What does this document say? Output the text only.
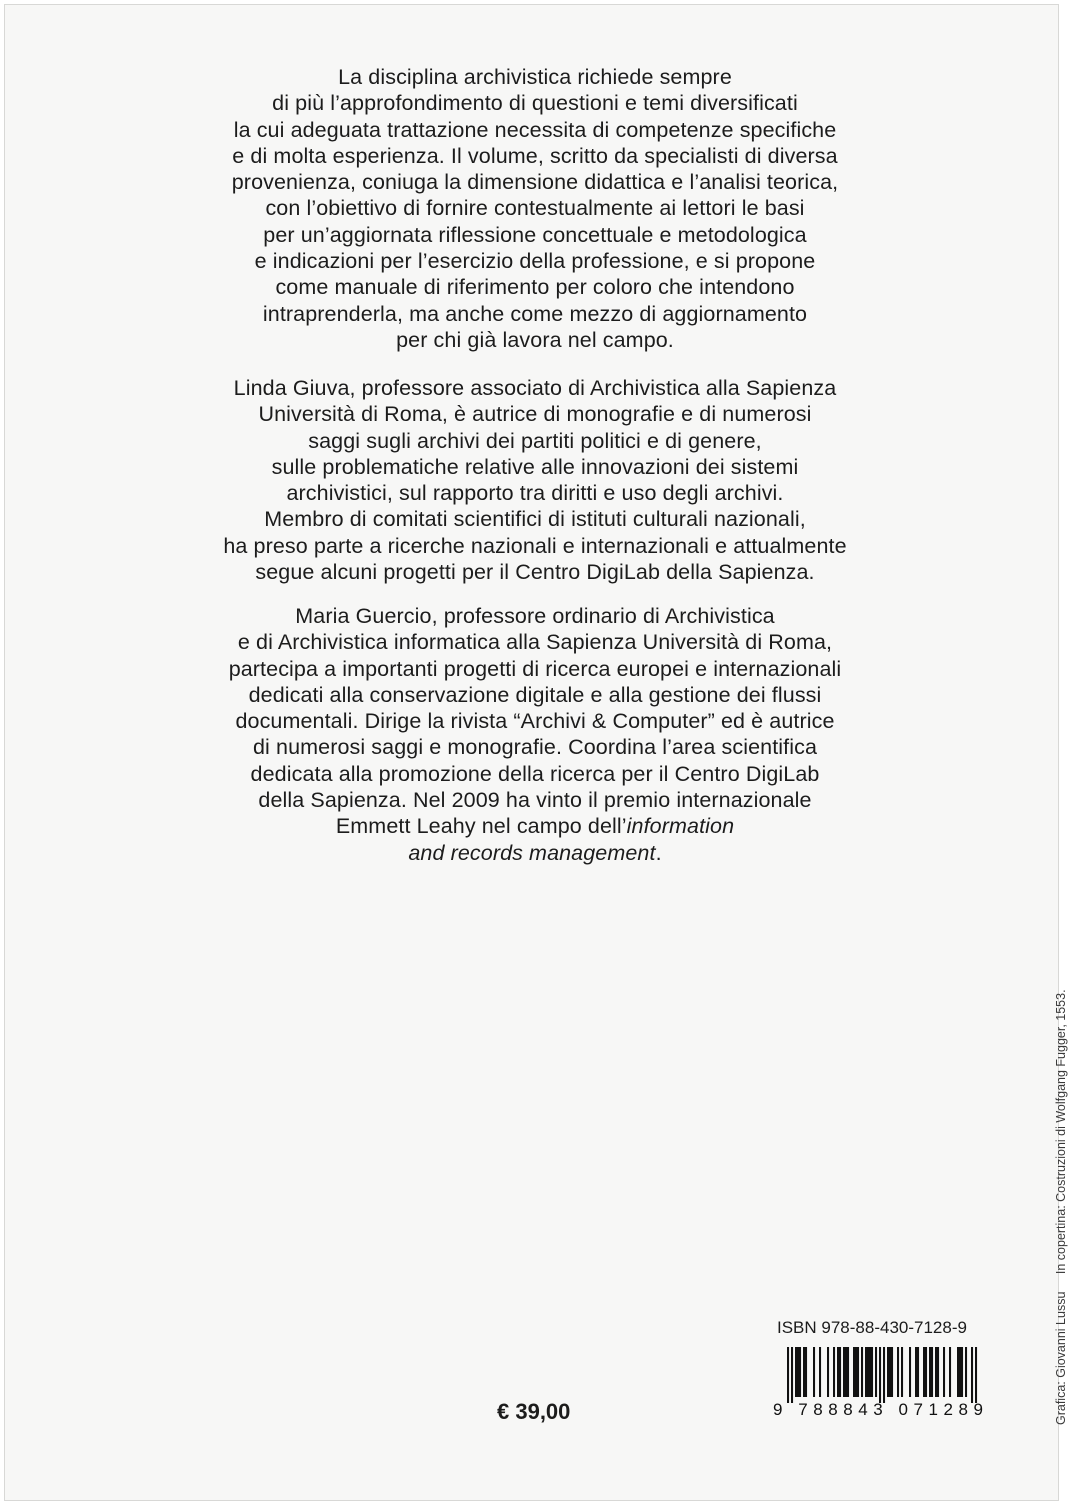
La disciplina archivistica richiede sempre
di più l’approfondimento di questioni e temi diversificati
la cui adeguata trattazione necessita di competenze specifiche
e di molta esperienza. Il volume, scritto da specialisti di diversa
provenienza, coniuga la dimensione didattica e l’analisi teorica,
con l’obiettivo di fornire contestualmente ai lettori le basi
per un’aggiornata riflessione concettuale e metodologica
e indicazioni per l’esercizio della professione, e si propone
come manuale di riferimento per coloro che intendono
intraprenderla, ma anche come mezzo di aggiornamento
per chi già lavora nel campo.
Linda Giuva, professore associato di Archivistica alla Sapienza
Università di Roma, è autrice di monografie e di numerosi
saggi sugli archivi dei partiti politici e di genere,
sulle problematiche relative alle innovazioni dei sistemi
archivistici, sul rapporto tra diritti e uso degli archivi.
Membro di comitati scientifici di istituti culturali nazionali,
ha preso parte a ricerche nazionali e internazionali e attualmente
segue alcuni progetti per il Centro DigiLab della Sapienza.
Maria Guercio, professore ordinario di Archivistica
e di Archivistica informatica alla Sapienza Università di Roma,
partecipa a importanti progetti di ricerca europei e internazionali
dedicati alla conservazione digitale e alla gestione dei flussi
documentali. Dirige la rivista “Archivi & Computer” ed è autrice
di numerosi saggi e monografie. Coordina l’area scientifica
dedicata alla promozione della ricerca per il Centro DigiLab
della Sapienza. Nel 2009 ha vinto il premio internazionale
Emmett Leahy nel campo dell’information
and records management.
ISBN 978-88-430-7128-9
9 788843 071289
€ 39,00	Grafica: Giovanni Lussu In copertina: Costruzioni di Wolfgang Fugger, 1553.
